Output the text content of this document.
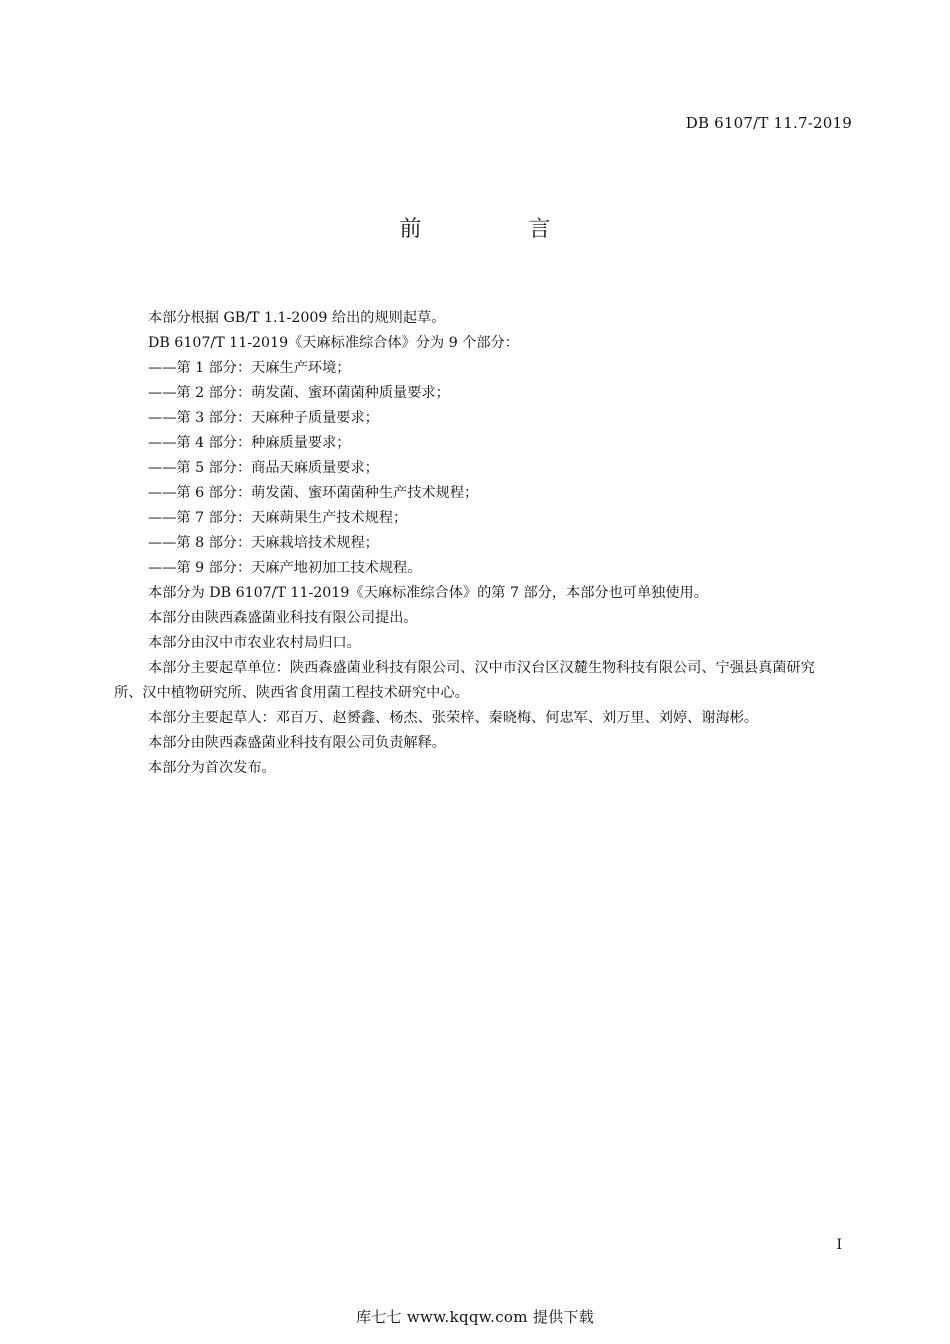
DB 6107/T 11.7-2019
前 言

本部分根据 GB/T 1.1-2009 给出的规则起草。

DB 6107/T 11-2019《天麻标准综合体》分为 9 个部分：

——第 1 部分：天麻生产环境；

——第 2 部分：萌发菌、蜜环菌菌种质量要求；

——第 3 部分：天麻种子质量要求；

——第 4 部分：种麻质量要求；

——第 5 部分：商品天麻质量要求；

——第 6 部分：萌发菌、蜜环菌菌种生产技术规程；

——第 7 部分：天麻蒴果生产技术规程；

——第 8 部分：天麻栽培技术规程；

——第 9 部分：天麻产地初加工技术规程。

本部分为 DB 6107/T 11-2019《天麻标准综合体》的第 7 部分，本部分也可单独使用。

本部分由陕西森盛菌业科技有限公司提出。

本部分由汉中市农业农村局归口。

本部分主要起草单位：陕西森盛菌业科技有限公司、汉中市汉台区汉麓生物科技有限公司、宁强县真菌研究所、汉中植物研究所、陕西省食用菌工程技术研究中心。

本部分主要起草人：邓百万、赵赟鑫、杨杰、张荣梓、秦晓梅、何忠军、刘万里、刘婷、谢海彬。

本部分由陕西森盛菌业科技有限公司负责解释。

本部分为首次发布。

I
库七七 www.kqqw.com 提供下载
